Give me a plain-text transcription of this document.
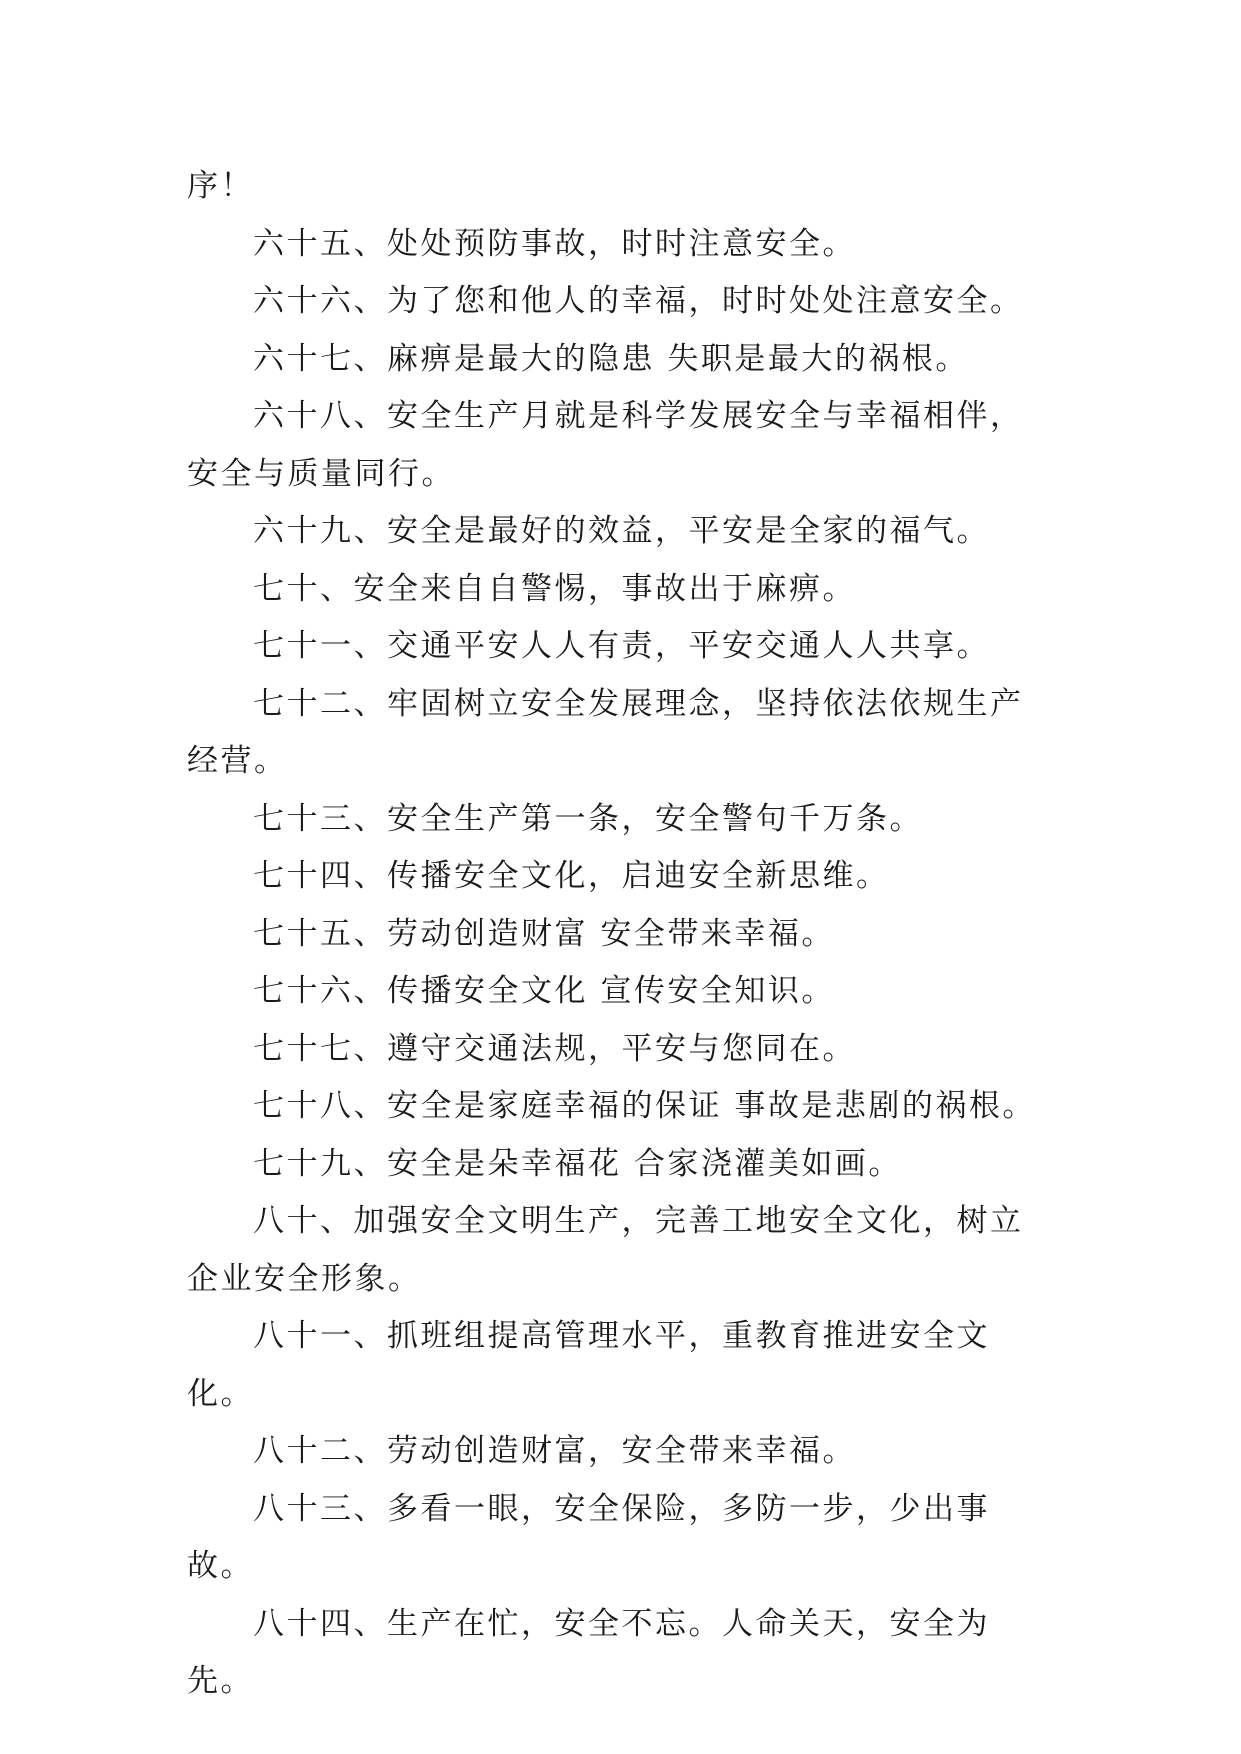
序！

六十五、处处预防事故，时时注意安全。

六十六、为了您和他人的幸福，时时处处注意安全。

六十七、麻痹是最大的隐患 失职是最大的祸根。

六十八、安全生产月就是科学发展安全与幸福相伴，安全与质量同行。

六十九、安全是最好的效益，平安是全家的福气。

七十、安全来自自警惕，事故出于麻痹。

七十一、交通平安人人有责，平安交通人人共享。

七十二、牢固树立安全发展理念，坚持依法依规生产经营。

七十三、安全生产第一条，安全警句千万条。

七十四、传播安全文化，启迪安全新思维。

七十五、劳动创造财富 安全带来幸福。

七十六、传播安全文化 宣传安全知识。

七十七、遵守交通法规，平安与您同在。

七十八、安全是家庭幸福的保证 事故是悲剧的祸根。

七十九、安全是朵幸福花 合家浇灌美如画。

八十、加强安全文明生产，完善工地安全文化，树立企业安全形象。

八十一、抓班组提高管理水平，重教育推进安全文化。

八十二、劳动创造财富，安全带来幸福。

八十三、多看一眼，安全保险，多防一步，少出事故。

八十四、生产在忙，安全不忘。人命关天，安全为先。
